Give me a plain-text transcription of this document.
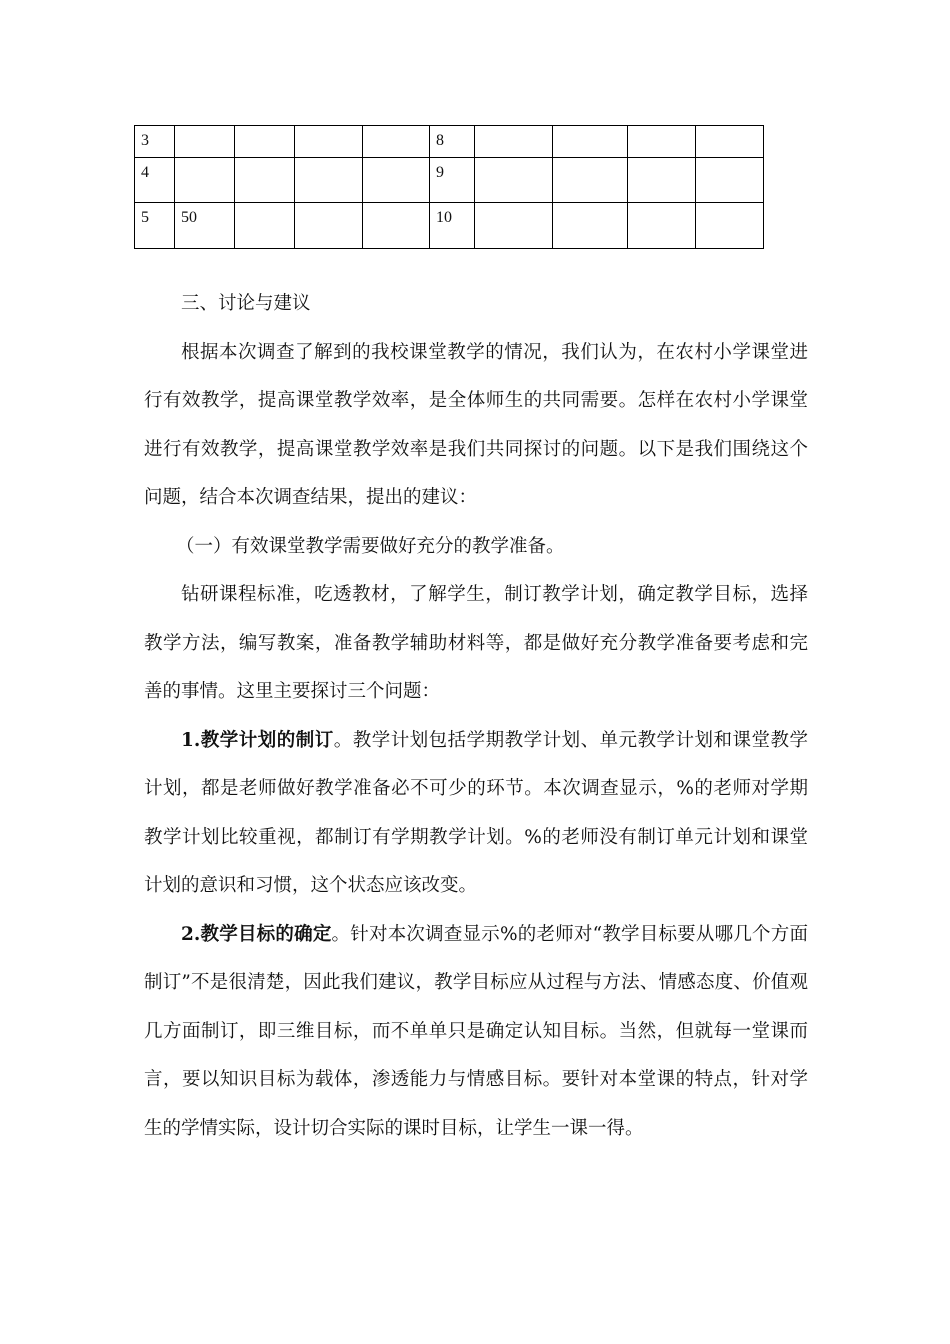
3					8				
4					9				
5	50				10				

三、讨论与建议

根据本次调查了解到的我校课堂教学的情况，我们认为，在农村小学课堂进行有效教学，提高课堂教学效率，是全体师生的共同需要。怎样在农村小学课堂进行有效教学，提高课堂教学效率是我们共同探讨的问题。以下是我们围绕这个问题，结合本次调查结果，提出的建议：

（一）有效课堂教学需要做好充分的教学准备。

钻研课程标准，吃透教材，了解学生，制订教学计划，确定教学目标，选择教学方法，编写教案，准备教学辅助材料等，都是做好充分教学准备要考虑和完善的事情。这里主要探讨三个问题：

1.教学计划的制订。教学计划包括学期教学计划、单元教学计划和课堂教学计划，都是老师做好教学准备必不可少的环节。本次调查显示，%的老师对学期教学计划比较重视，都制订有学期教学计划。%的老师没有制订单元计划和课堂计划的意识和习惯，这个状态应该改变。

2.教学目标的确定。针对本次调查显示%的老师对“教学目标要从哪几个方面制订”不是很清楚，因此我们建议，教学目标应从过程与方法、情感态度、价值观几方面制订，即三维目标，而不单单只是确定认知目标。当然，但就每一堂课而言，要以知识目标为载体，渗透能力与情感目标。要针对本堂课的特点，针对学生的学情实际，设计切合实际的课时目标，让学生一课一得。
